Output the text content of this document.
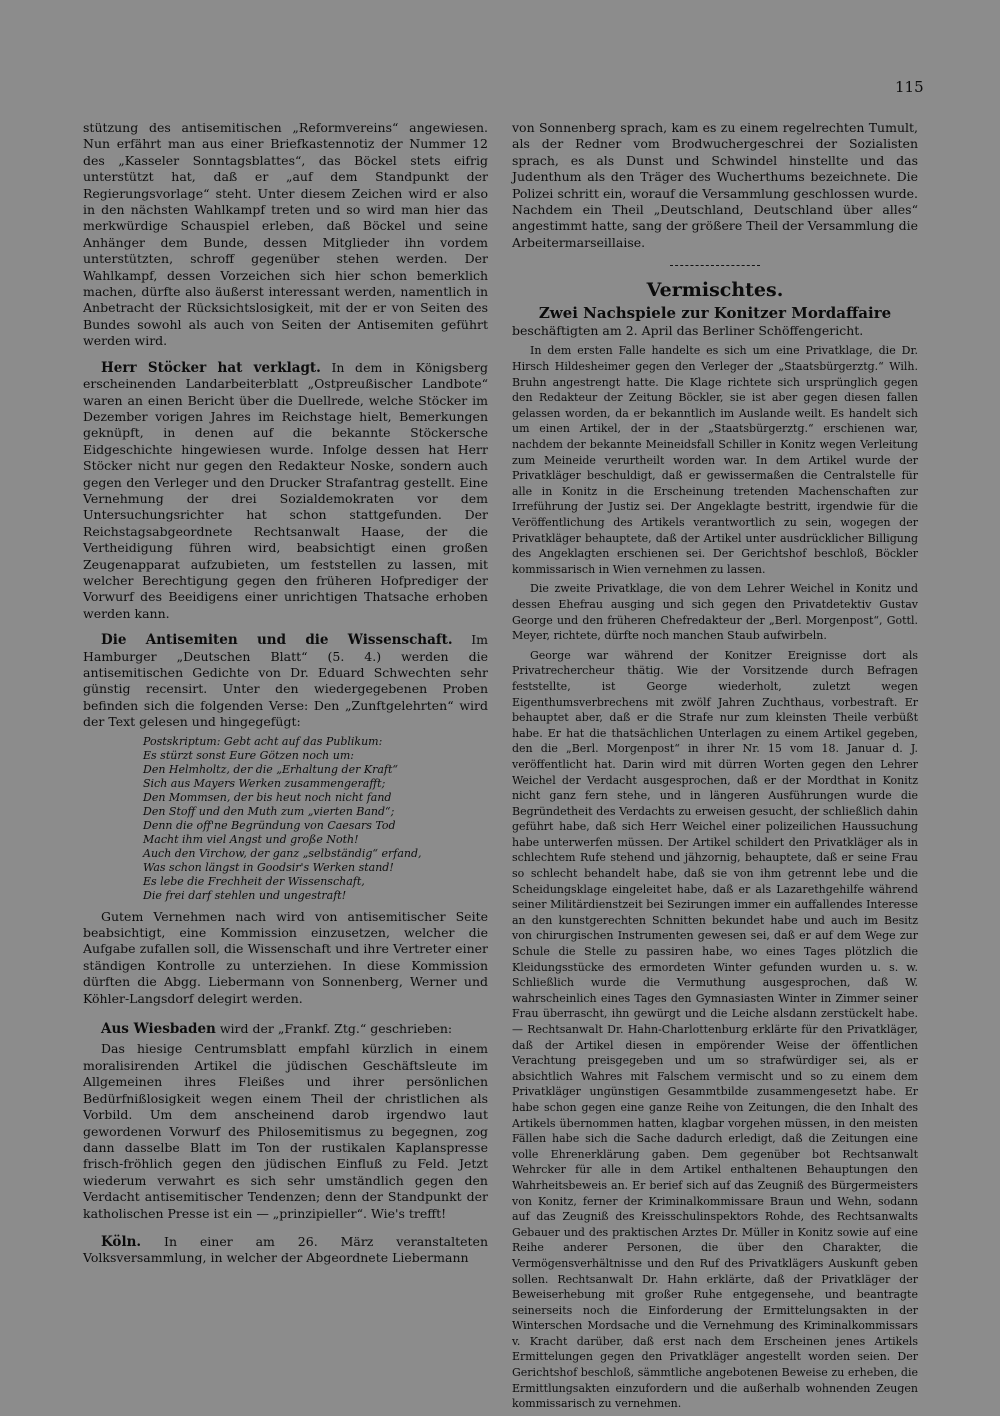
115

stützung des antisemitischen „Reformvereins“ angewiesen. Nun erfährt man aus einer Briefkastennotiz der Nummer 12 des „Kasseler Sonntagsblattes“, das Böckel stets eifrig unterstützt hat, daß er „auf dem Standpunkt der Regierungsvorlage“ steht. Unter diesem Zeichen wird er also in den nächsten Wahlkampf treten und so wird man hier das merkwürdige Schauspiel erleben, daß Böckel und seine Anhänger dem Bunde, dessen Mitglieder ihn vordem unterstützten, schroff gegenüber stehen werden. Der Wahlkampf, dessen Vorzeichen sich hier schon bemerklich machen, dürfte also äußerst interessant werden, namentlich in Anbetracht der Rücksichtslosigkeit, mit der er von Seiten des Bundes sowohl als auch von Seiten der Antisemiten geführt werden wird.

Herr Stöcker hat verklagt. In dem in Königsberg erscheinenden Landarbeiterblatt „Ostpreußischer Landbote“ waren an einen Bericht über die Duellrede, welche Stöcker im Dezember vorigen Jahres im Reichstage hielt, Bemerkungen geknüpft, in denen auf die bekannte Stöckersche Eidgeschichte hingewiesen wurde. Infolge dessen hat Herr Stöcker nicht nur gegen den Redakteur Noske, sondern auch gegen den Verleger und den Drucker Strafantrag gestellt. Eine Vernehmung der drei Sozialdemokraten vor dem Untersuchungsrichter hat schon stattgefunden. Der Reichstagsabgeordnete Rechtsanwalt Haase, der die Vertheidigung führen wird, beabsichtigt einen großen Zeugenapparat aufzubieten, um feststellen zu lassen, mit welcher Berechtigung gegen den früheren Hofprediger der Vorwurf des Beeidigens einer unrichtigen Thatsache erhoben werden kann.

Die Antisemiten und die Wissenschaft. Im Hamburger „Deutschen Blatt“ (5. 4.) werden die antisemitischen Gedichte von Dr. Eduard Schwechten sehr günstig recensirt. Unter den wiedergegebenen Proben befinden sich die folgenden Verse: Den „Zunftgelehrten“ wird der Text gelesen und hingegefügt:

Postskriptum: Gebt acht auf das Publikum:
Es stürzt sonst Eure Götzen noch um:
Den Helmholtz, der die „Erhaltung der Kraft“
Sich aus Mayers Werken zusammengerafft;
Den Mommsen, der bis heut noch nicht fand
Den Stoff und den Muth zum „vierten Band“;
Denn die off'ne Begründung von Caesars Tod
Macht ihm viel Angst und große Noth!
Auch den Virchow, der ganz „selbständig“ erfand,
Was schon längst in Goodsir's Werken stand!
Es lebe die Frechheit der Wissenschaft,
Die frei darf stehlen und ungestraft!

Gutem Vernehmen nach wird von antisemitischer Seite beabsichtigt, eine Kommission einzusetzen, welcher die Aufgabe zufallen soll, die Wissenschaft und ihre Vertreter einer ständigen Kontrolle zu unterziehen. In diese Kommission dürften die Abgg. Liebermann von Sonnenberg, Werner und Köhler-Langsdorf delegirt werden.

Aus Wiesbaden wird der „Frankf. Ztg.“ geschrieben:

Das hiesige Centrumsblatt empfahl kürzlich in einem moralisirenden Artikel die jüdischen Geschäftsleute im Allgemeinen ihres Fleißes und ihrer persönlichen Bedürfnißlosigkeit wegen einem Theil der christlichen als Vorbild. Um dem anscheinend darob irgendwo laut gewordenen Vorwurf des Philosemitismus zu begegnen, zog dann dasselbe Blatt im Ton der rustikalen Kaplanspresse frisch-fröhlich gegen den jüdischen Einfluß zu Feld. Jetzt wiederum verwahrt es sich sehr umständlich gegen den Verdacht antisemitischer Tendenzen; denn der Standpunkt der katholischen Presse ist ein — „prinzipieller“. Wie's trefft!

Köln. In einer am 26. März veranstalteten Volksversammlung, in welcher der Abgeordnete Liebermann

von Sonnenberg sprach, kam es zu einem regelrechten Tumult, als der Redner vom Brodwuchergeschrei der Sozialisten sprach, es als Dunst und Schwindel hinstellte und das Judenthum als den Träger des Wucherthums bezeichnete. Die Polizei schritt ein, worauf die Versammlung geschlossen wurde. Nachdem ein Theil „Deutschland, Deutschland über alles“ angestimmt hatte, sang der größere Theil der Versammlung die Arbeitermarseillaise.

Vermischtes.
Zwei Nachspiele zur Konitzer Mordaffaire

beschäftigten am 2. April das Berliner Schöffengericht.

In dem ersten Falle handelte es sich um eine Privatklage, die Dr. Hirsch Hildesheimer gegen den Verleger der „Staatsbürgerztg.“ Wilh. Bruhn angestrengt hatte. Die Klage richtete sich ursprünglich gegen den Redakteur der Zeitung Böckler, sie ist aber gegen diesen fallen gelassen worden, da er bekanntlich im Auslande weilt. Es handelt sich um einen Artikel, der in der „Staatsbürgerztg.“ erschienen war, nachdem der bekannte Meineidsfall Schiller in Konitz wegen Verleitung zum Meineide verurtheilt worden war. In dem Artikel wurde der Privatkläger beschuldigt, daß er gewissermaßen die Centralstelle für alle in Konitz in die Erscheinung tretenden Machenschaften zur Irreführung der Justiz sei. Der Angeklagte bestritt, irgendwie für die Veröffentlichung des Artikels verantwortlich zu sein, wogegen der Privatkläger behauptete, daß der Artikel unter ausdrücklicher Billigung des Angeklagten erschienen sei. Der Gerichtshof beschloß, Böckler kommissarisch in Wien vernehmen zu lassen.

Die zweite Privatklage, die von dem Lehrer Weichel in Konitz und dessen Ehefrau ausging und sich gegen den Privatdetektiv Gustav George und den früheren Chefredakteur der „Berl. Morgenpost“, Gottl. Meyer, richtete, dürfte noch manchen Staub aufwirbeln.

George war während der Konitzer Ereignisse dort als Privatrecherchеur thätig. Wie der Vorsitzende durch Befragen feststellte, ist George wiederholt, zuletzt wegen Eigenthumsverbrechens mit zwölf Jahren Zuchthaus, vorbestraft. Er behauptet aber, daß er die Strafe nur zum kleinsten Theile verbüßt habe. Er hat die thatsächlichen Unterlagen zu einem Artikel gegeben, den die „Berl. Morgenpost“ in ihrer Nr. 15 vom 18. Januar d. J. veröffentlicht hat. Darin wird mit dürren Worten gegen den Lehrer Weichel der Verdacht ausgesprochen, daß er der Mordthat in Konitz nicht ganz fern stehe, und in längeren Ausführungen wurde die Begründetheit des Verdachts zu erweisen gesucht, der schließlich dahin geführt habe, daß sich Herr Weichel einer polizeilichen Haussuchung habe unterwerfen müssen. Der Artikel schildert den Privatkläger als in schlechtem Rufe stehend und jähzornig, behauptete, daß er seine Frau so schlecht behandelt habe, daß sie von ihm getrennt lebe und die Scheidungsklage eingeleitet habe, daß er als Lazarethgehilfe während seiner Militärdienstzeit bei Sezirungen immer ein auffallendes Interesse an den kunstgerechten Schnitten bekundet habe und auch im Besitz von chirurgischen Instrumenten gewesen sei, daß er auf dem Wege zur Schule die Stelle zu passiren habe, wo eines Tages plötzlich die Kleidungsstücke des ermordeten Winter gefunden wurden u. s. w. Schließlich wurde die Vermuthung ausgesprochen, daß W. wahrscheinlich eines Tages den Gymnasiasten Winter in Zimmer seiner Frau überrascht, ihn gewürgt und die Leiche alsdann zerstückelt habe. — Rechtsanwalt Dr. Hahn-Charlottenburg erklärte für den Privatkläger, daß der Artikel diesen in empörender Weise der öffentlichen Verachtung preisgegeben und um so strafwürdiger sei, als er absichtlich Wahres mit Falschem vermischt und so zu einem dem Privatkläger ungünstigen Gesammtbilde zusammengesetzt habe. Er habe schon gegen eine ganze Reihe von Zeitungen, die den Inhalt des Artikels übernommen hatten, klagbar vorgehen müssen, in den meisten Fällen habe sich die Sache dadurch erledigt, daß die Zeitungen eine volle Ehrenerklärung gaben. Dem gegenüber bot Rechtsanwalt Wehrcker für alle in dem Artikel enthaltenen Behauptungen den Wahrheitsbeweis an. Er berief sich auf das Zeugniß des Bürgermeisters von Konitz, ferner der Kriminalkommissare Braun und Wehn, sodann auf das Zeugniß des Kreisschulinspektors Rohde, des Rechtsanwalts Gebauer und des praktischen Arztes Dr. Müller in Konitz sowie auf eine Reihe anderer Personen, die über den Charakter, die Vermögensverhältnisse und den Ruf des Privatklägers Auskunft geben sollen. Rechtsanwalt Dr. Hahn erklärte, daß der Privatkläger der Beweiserhebung mit großer Ruhe entgegensehe, und beantragte seinerseits noch die Einforderung der Ermittelungsakten in der Winterschen Mordsache und die Vernehmung des Kriminalkommissars v. Kracht darüber, daß erst nach dem Erscheinen jenes Artikels Ermittelungen gegen den Privatkläger angestellt worden seien. Der Gerichtshof beschloß, sämmtliche angebotenen Beweise zu erheben, die Ermittlungsakten einzufordern und die außerhalb wohnenden Zeugen kommissarisch zu vernehmen.
